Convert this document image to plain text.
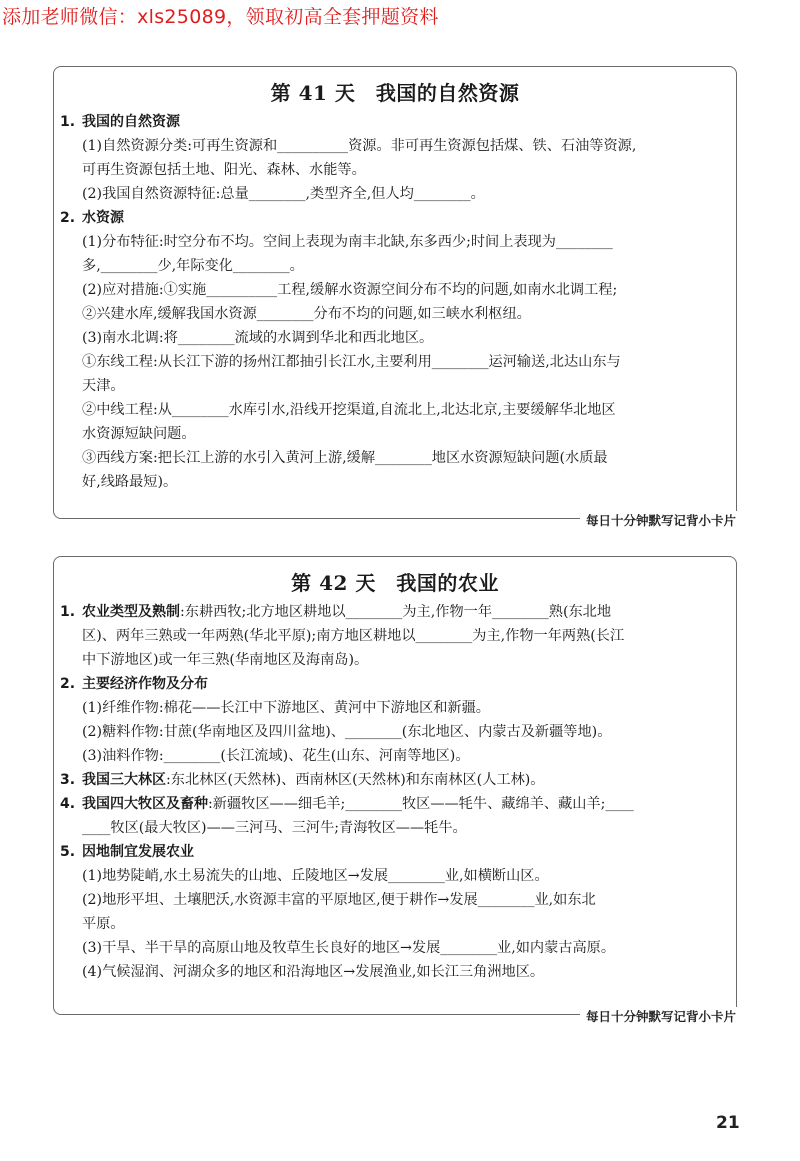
添加老师微信：xls25089，领取初高全套押题资料
第 41 天　我国的自然资源
1. 我国的自然资源
(1)自然资源分类:可再生资源和__________资源。非可再生资源包括煤、铁、石油等资源,
可再生资源包括土地、阳光、森林、水能等。
(2)我国自然资源特征:总量________,类型齐全,但人均________。
2. 水资源
(1)分布特征:时空分布不均。空间上表现为南丰北缺,东多西少;时间上表现为________
多,________少,年际变化________。
(2)应对措施:①实施__________工程,缓解水资源空间分布不均的问题,如南水北调工程;
②兴建水库,缓解我国水资源________分布不均的问题,如三峡水利枢纽。
(3)南水北调:将________流域的水调到华北和西北地区。
①东线工程:从长江下游的扬州江都抽引长江水,主要利用________运河输送,北达山东与
天津。
②中线工程:从________水库引水,沿线开挖渠道,自流北上,北达北京,主要缓解华北地区
水资源短缺问题。
③西线方案:把长江上游的水引入黄河上游,缓解________地区水资源短缺问题(水质最
好,线路最短)。
每日十分钟默写记背小卡片
第 42 天　我国的农业
1. 农业类型及熟制:东耕西牧;北方地区耕地以________为主,作物一年________熟(东北地
区)、两年三熟或一年两熟(华北平原);南方地区耕地以________为主,作物一年两熟(长江
中下游地区)或一年三熟(华南地区及海南岛)。
2. 主要经济作物及分布
(1)纤维作物:棉花——长江中下游地区、黄河中下游地区和新疆。
(2)糖料作物:甘蔗(华南地区及四川盆地)、________(东北地区、内蒙古及新疆等地)。
(3)油料作物:________(长江流域)、花生(山东、河南等地区)。
3. 我国三大林区:东北林区(天然林)、西南林区(天然林)和东南林区(人工林)。
4. 我国四大牧区及畜种:新疆牧区——细毛羊;________牧区——牦牛、藏绵羊、藏山羊;____
____牧区(最大牧区)——三河马、三河牛;青海牧区——牦牛。
5. 因地制宜发展农业
(1)地势陡峭,水土易流失的山地、丘陵地区→发展________业,如横断山区。
(2)地形平坦、土壤肥沃,水资源丰富的平原地区,便于耕作→发展________业,如东北
平原。
(3)干旱、半干旱的高原山地及牧草生长良好的地区→发展________业,如内蒙古高原。
(4)气候湿润、河湖众多的地区和沿海地区→发展渔业,如长江三角洲地区。
每日十分钟默写记背小卡片
21
